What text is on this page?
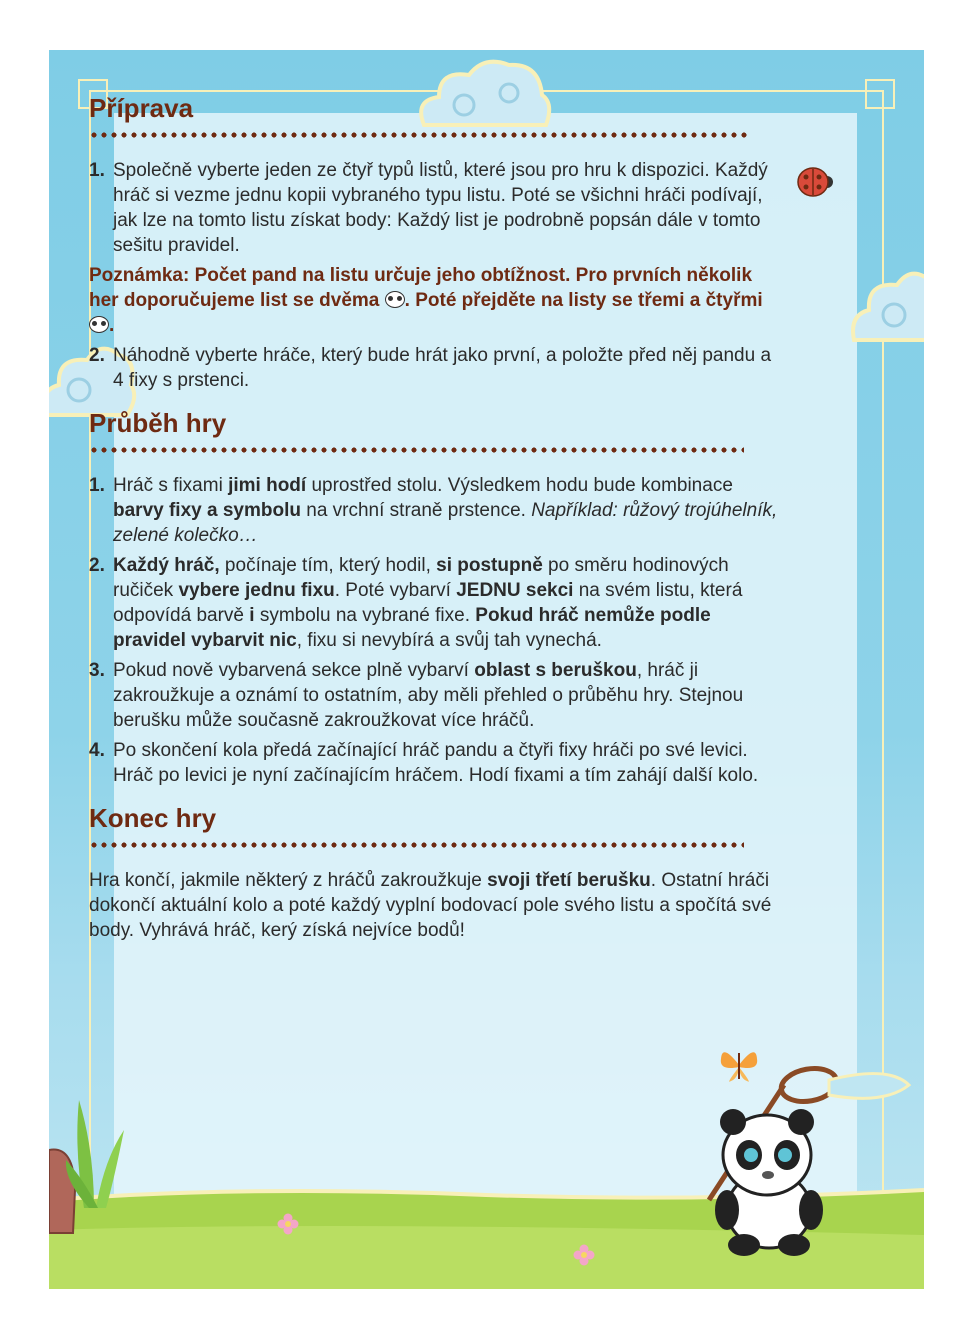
Příprava
1. Společně vyberte jeden ze čtyř typů listů, které jsou pro hru k dispozici. Každý hráč si vezme jednu kopii vybraného typu listu. Poté se všichni hráči podívají, jak lze na tomto listu získat body: Každý list je podrobně popsán dále v tomto sešitu pravidel.

Poznámka: Počet pand na listu určuje jeho obtížnost. Pro prvních několik her doporučujeme list se dvěma . Poté přejděte na listy se třemi a čtyřmi .

2. Náhodně vyberte hráče, který bude hrát jako první, a položte před něj pandu a 4 fixy s prstenci.
Průběh hry
1. Hráč s fixami jimi hodí uprostřed stolu. Výsledkem hodu bude kombinace barvy fixy a symbolu na vrchní straně prstence. Například: růžový trojúhelník, zelené kolečko…
2. Každý hráč, počínaje tím, který hodil, si postupně po směru hodinových ručiček vybere jednu fixu. Poté vybarví JEDNU sekci na svém listu, která odpovídá barvě i symbolu na vybrané fixe. Pokud hráč nemůže podle pravidel vybarvit nic, fixu si nevybírá a svůj tah vynechá.
3. Pokud nově vybarvená sekce plně vybarví oblast s beruškou, hráč ji zakroužkuje a oznámí to ostatním, aby měli přehled o průběhu hry. Stejnou berušku může současně zakroužkovat více hráčů.
4. Po skončení kola předá začínající hráč pandu a čtyři fixy hráči po své levici. Hráč po levici je nyní začínajícím hráčem. Hodí fixami a tím zahájí další kolo.
Konec hry

Hra končí, jakmile některý z hráčů zakroužkuje svoji třetí berušku. Ostatní hráči dokončí aktuální kolo a poté každý vyplní bodovací pole svého listu a spočítá své body. Vyhrává hráč, kerý získá nejvíce bodů!
